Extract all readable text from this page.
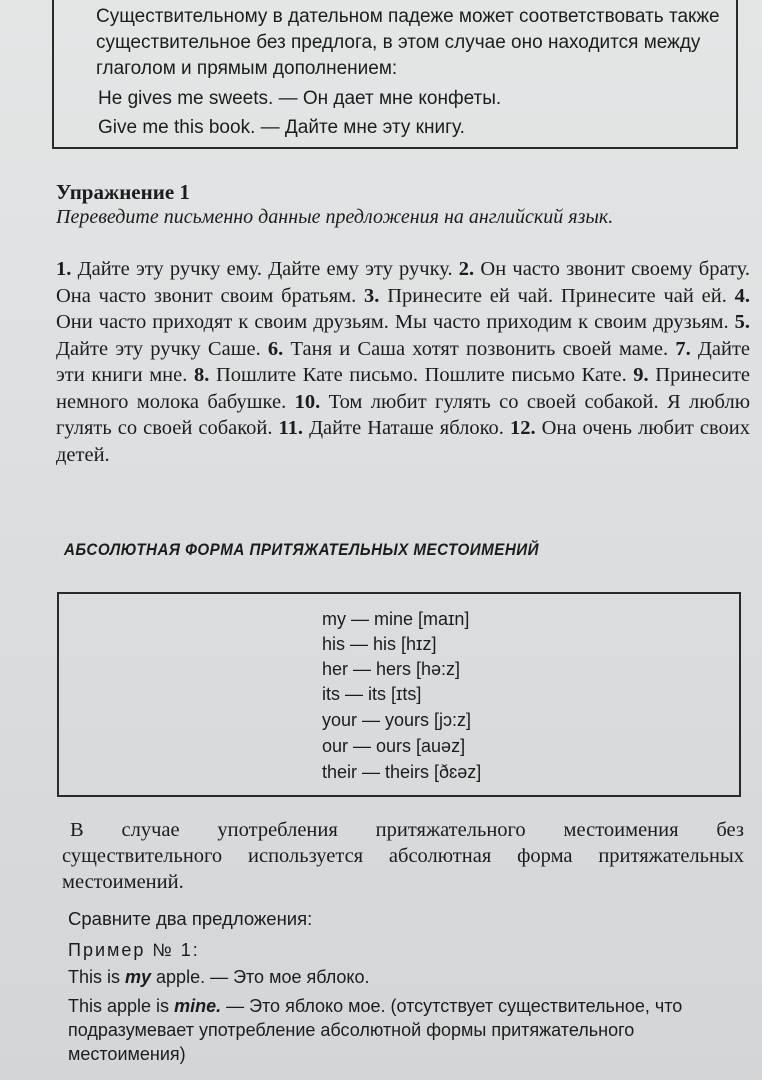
Существительному в дательном падеже может соответствовать также существительное без предлога, в этом случае оно находится между глаголом и прямым дополнением:
He gives me sweets. — Он дает мне конфеты.
Give me this book. — Дайте мне эту книгу.
Упражнение 1
Переведите письменно данные предложения на английский язык.
1. Дайте эту ручку ему. Дайте ему эту ручку. 2. Он часто звонит своему брату. Она часто звонит своим братьям. 3. Принесите ей чай. Принесите чай ей. 4. Они часто приходят к своим друзьям. Мы часто приходим к своим друзьям. 5. Дайте эту ручку Саше. 6. Таня и Саша хотят позвонить своей маме. 7. Дайте эти книги мне. 8. Пошлите Кате письмо. Пошлите письмо Кате. 9. Принесите немного молока бабушке. 10. Том любит гулять со своей собакой. Я люблю гулять со своей собакой. 11. Дайте Наташе яблоко. 12. Она очень любит своих детей.
АБСОЛЮТНАЯ ФОРМА ПРИТЯЖАТЕЛЬНЫХ МЕСТОИМЕНИЙ
my — mine [maɪn]
his — his [hɪz]
her — hers [hə:z]
its — its [ɪts]
your — yours [jɔ:z]
our — ours [auəz]
their — theirs [ðɛəz]
В случае употребления притяжательного местоимения без существительного используется абсолютная форма притяжательных местоимений.
Сравните два предложения:
Пример № 1:
This is my apple. — Это мое яблоко.
This apple is mine. — Это яблоко мое. (отсутствует существительное, что подразумевает употребление абсолютной формы притяжательного местоимения)
